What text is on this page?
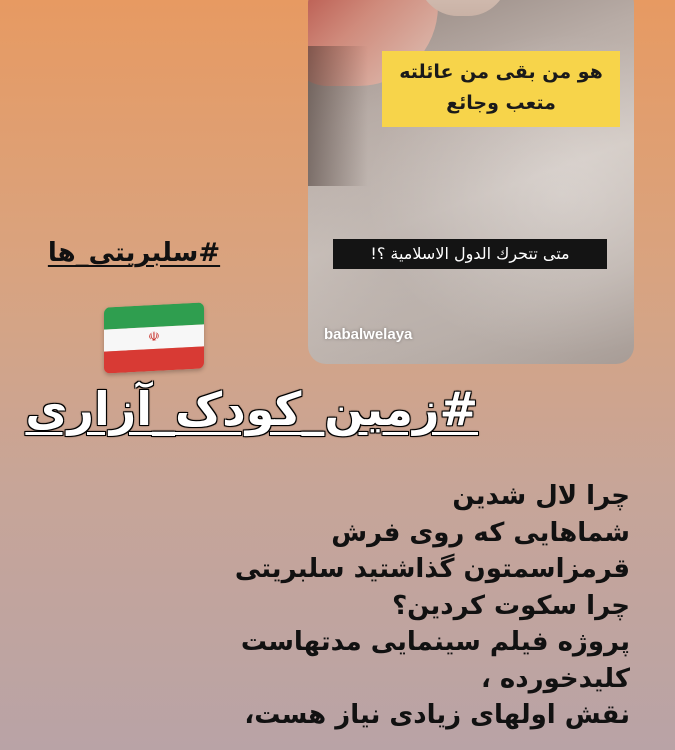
هو من بقى من عائلته
متعب وجائع
متى تتحرك الدول الاسلامية ؟!
babalwelaya
#سلبریتی_ها
☫
#زمین_کودک_آزاری
چرا لال شدین
شماهایی که روی فرش
قرمزاسمتون گذاشتید سلبریتی
چرا سکوت کردین؟
پروژه فیلم سینمایی مدتهاست
کلیدخورده ،
نقش اولهای زیادی نیاز هست،
